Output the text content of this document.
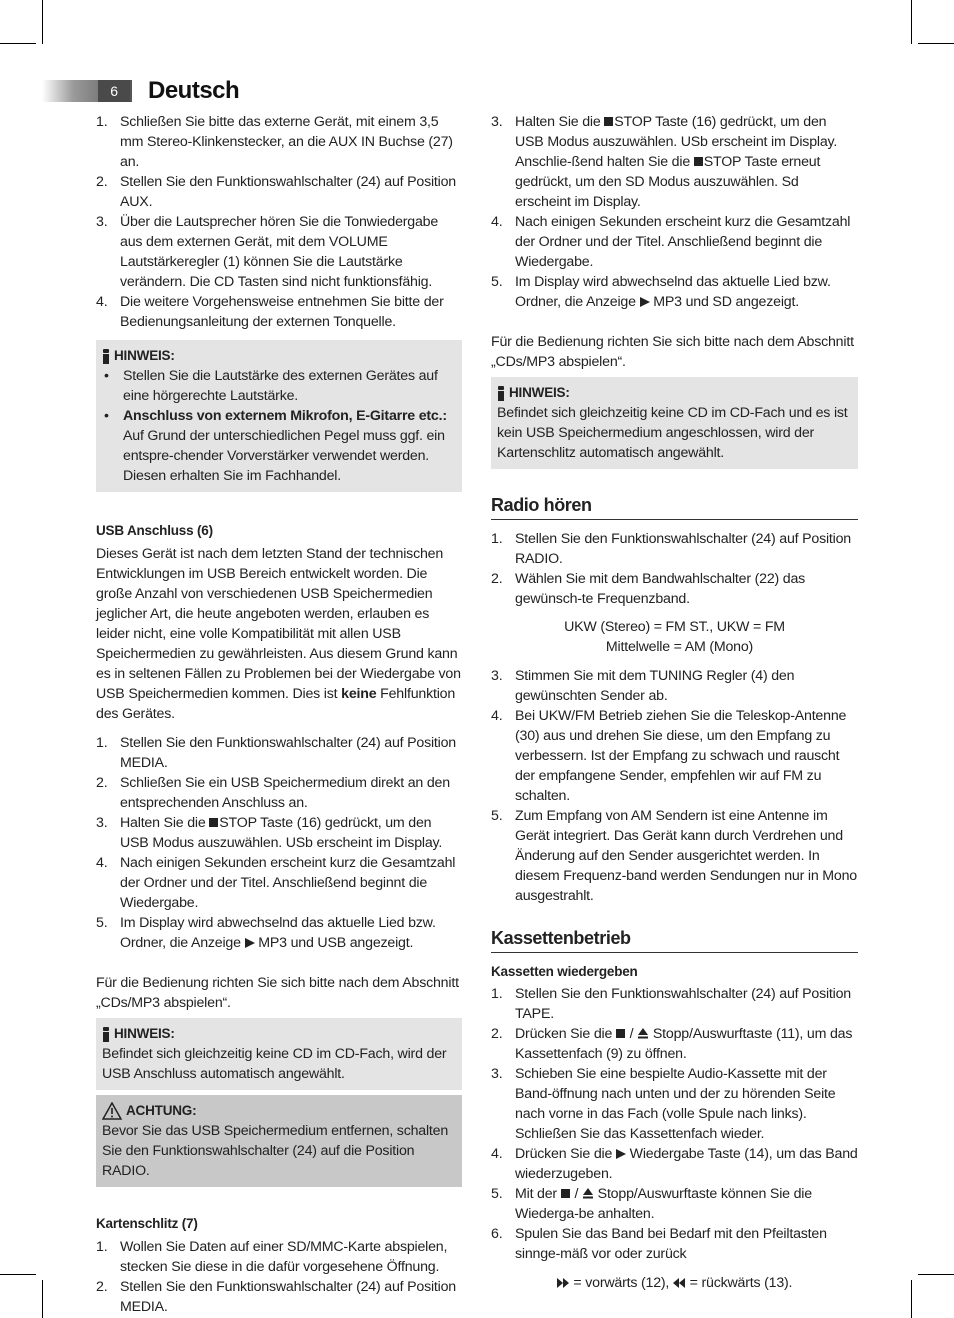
6	Deutsch
1. Schließen Sie bitte das externe Gerät, mit einem 3,5 mm Stereo-Klinkenstecker, an die AUX IN Buchse (27) an.
2. Stellen Sie den Funktionswahlschalter (24) auf Position AUX.
3. Über die Lautsprecher hören Sie die Tonwiedergabe aus dem externen Gerät, mit dem VOLUME Lautstärkeregler (1) können Sie die Lautstärke verändern. Die CD Tasten sind nicht funktionsfähig.
4. Die weitere Vorgehensweise entnehmen Sie bitte der Bedienungsanleitung der externen Tonquelle.
HINWEIS:
•	Stellen Sie die Lautstärke des externen Gerätes auf eine hörgerechte Lautstärke.
•	Anschluss von externem Mikrofon, E-Gitarre etc.: Auf Grund der unterschiedlichen Pegel muss ggf. ein entspre-chender Vorverstärker verwendet werden. Diesen erhalten Sie im Fachhandel.
USB Anschluss (6)

Dieses Gerät ist nach dem letzten Stand der technischen Entwicklungen im USB Bereich entwickelt worden. Die große Anzahl von verschiedenen USB Speichermedien jeglicher Art, die heute angeboten werden, erlauben es leider nicht, eine volle Kompatibilität mit allen USB Speichermedien zu gewährleisten. Aus diesem Grund kann es in seltenen Fällen zu Problemen bei der Wiedergabe von USB Speichermedien kommen. Dies ist keine Fehlfunktion des Gerätes.

1. Stellen Sie den Funktionswahlschalter (24) auf Position MEDIA.
2. Schließen Sie ein USB Speichermedium direkt an den entsprechenden Anschluss an.
3. Halten Sie die STOP Taste (16) gedrückt, um den USB Modus auszuwählen. USb erscheint im Display.
4. Nach einigen Sekunden erscheint kurz die Gesamtzahl der Ordner und der Titel. Anschließend beginnt die Wiedergabe.
5. Im Display wird abwechselnd das aktuelle Lied bzw. Ordner, die Anzeige  MP3 und USB angezeigt.

Für die Bedienung richten Sie sich bitte nach dem Abschnitt „CDs/MP3 abspielen“.

HINWEIS:

Befindet sich gleichzeitig keine CD im CD-Fach, wird der USB Anschluss automatisch angewählt.

ACHTUNG:

Bevor Sie das USB Speichermedium entfernen, schalten Sie den Funktionswahlschalter (24) auf die Position RADIO.

Kartenschlitz (7)
1. Wollen Sie Daten auf einer SD/MMC-Karte abspielen, stecken Sie diese in die dafür vorgesehene Öffnung.
2. Stellen Sie den Funktionswahlschalter (24) auf Position MEDIA.
3. Halten Sie die STOP Taste (16) gedrückt, um den USB Modus auszuwählen. USb erscheint im Display. Anschlie-ßend halten Sie die STOP Taste erneut gedrückt, um den SD Modus auszuwählen. Sd erscheint im Display.
4. Nach einigen Sekunden erscheint kurz die Gesamtzahl der Ordner und der Titel. Anschließend beginnt die Wiedergabe.
5. Im Display wird abwechselnd das aktuelle Lied bzw. Ordner, die Anzeige  MP3 und SD angezeigt.

Für die Bedienung richten Sie sich bitte nach dem Abschnitt „CDs/MP3 abspielen“.

HINWEIS:

Befindet sich gleichzeitig keine CD im CD-Fach und es ist kein USB Speichermedium angeschlossen, wird der Kartenschlitz automatisch angewählt.

Radio hören
1. Stellen Sie den Funktionswahlschalter (24) auf Position RADIO.
2. Wählen Sie mit dem Bandwahlschalter (22) das gewünsch-te Frequenzband.
UKW (Stereo) = FM ST., UKW = FM
Mittelwelle = AM (Mono)
3. Stimmen Sie mit dem TUNING Regler (4) den gewünschten Sender ab.
4. Bei UKW/FM Betrieb ziehen Sie die Teleskop-Antenne (30) aus und drehen Sie diese, um den Empfang zu verbessern. Ist der Empfang zu schwach und rauscht der empfangene Sender, empfehlen wir auf FM zu schalten.
5. Zum Empfang von AM Sendern ist eine Antenne im Gerät integriert. Das Gerät kann durch Verdrehen und Änderung auf den Sender ausgerichtet werden. In diesem Frequenz-band werden Sendungen nur in Mono ausgestrahlt.
Kassettenbetrieb
Kassetten wiedergeben
1. Stellen Sie den Funktionswahlschalter (24) auf Position TAPE.
2. Drücken Sie die  /  Stopp/Auswurftaste (11), um das Kassettenfach (9) zu öffnen.
3. Schieben Sie eine bespielte Audio-Kassette mit der Band-öffnung nach unten und der zu hörenden Seite nach vorne in das Fach (volle Spule nach links). Schließen Sie das Kassettenfach wieder.
4. Drücken Sie die  Wiedergabe Taste (14), um das Band wiederzugeben.
5. Mit der  /  Stopp/Auswurftaste können Sie die Wiederga-be anhalten.
6. Spulen Sie das Band bei Bedarf mit den Pfeiltasten sinnge-mäß vor oder zurück
= vorwärts (12),  = rückwärts (13).
